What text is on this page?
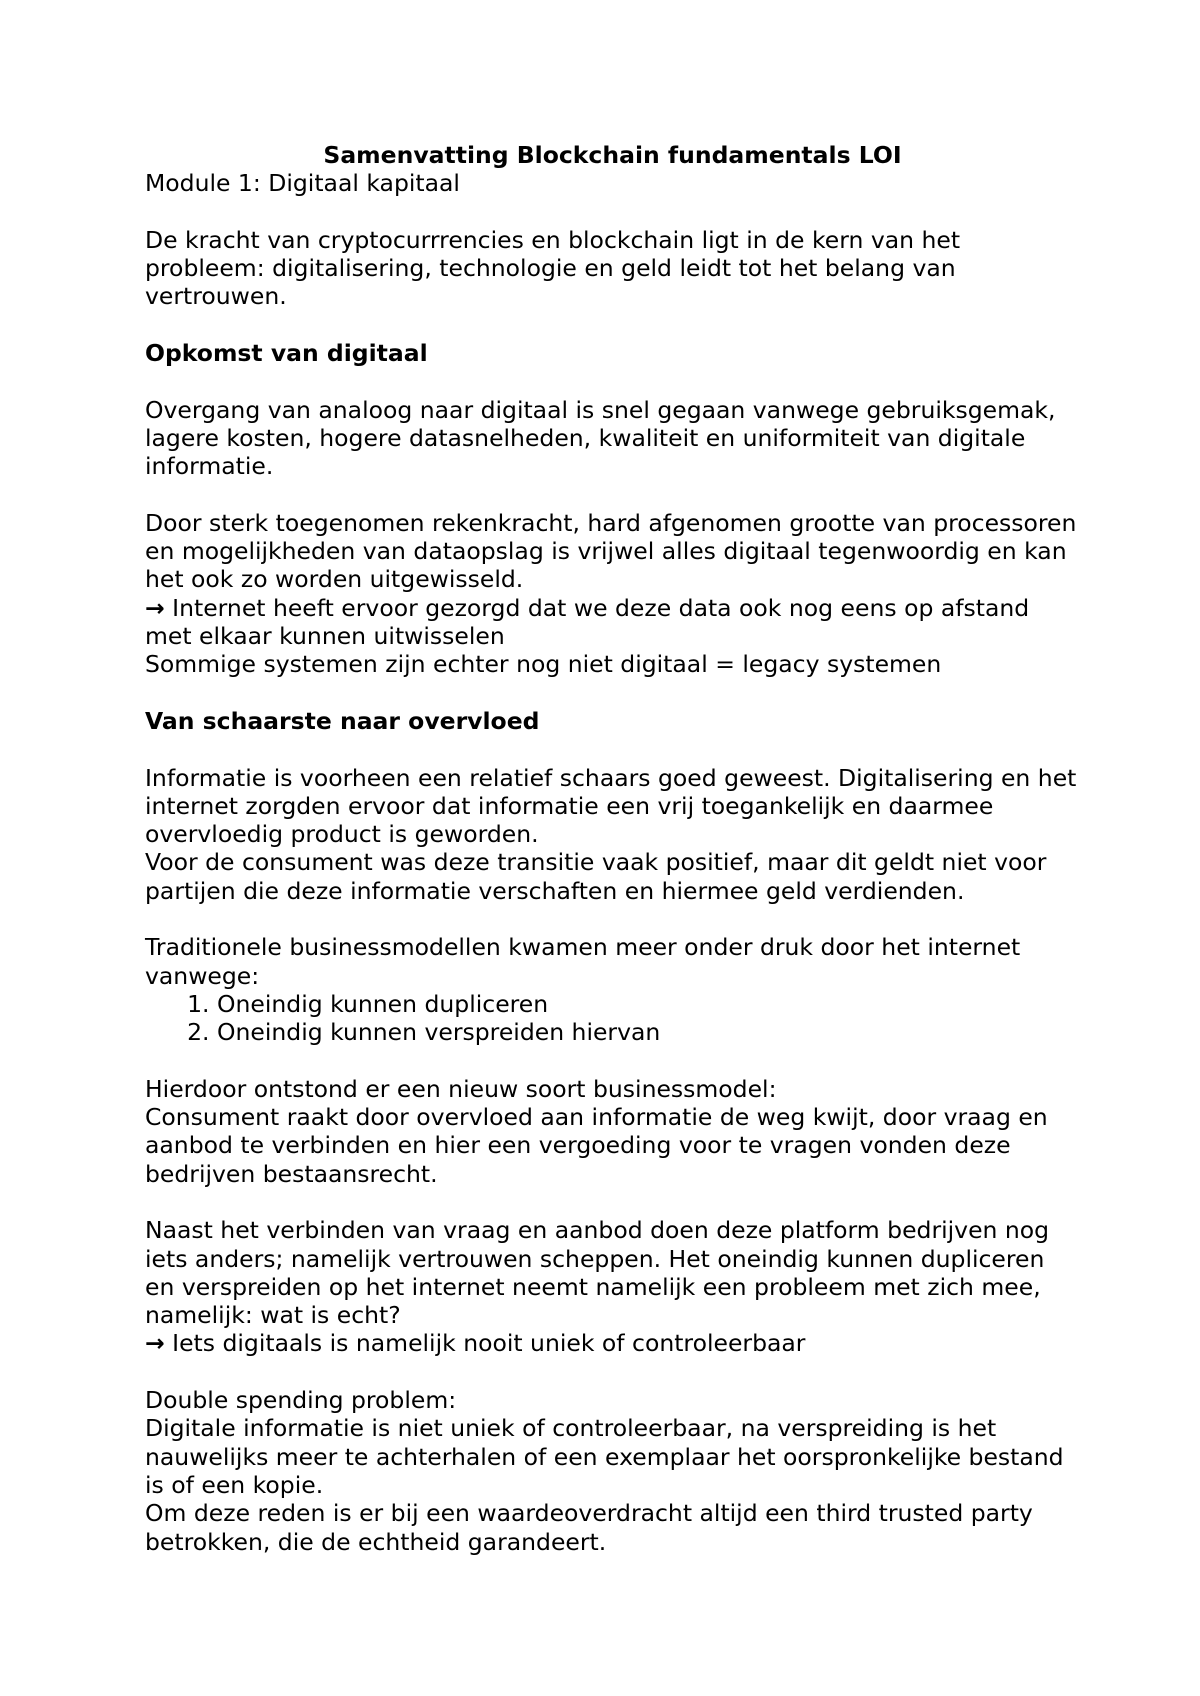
Samenvatting Blockchain fundamentals LOI

Module 1: Digitaal kapitaal

De kracht van cryptocurrrencies en blockchain ligt in de kern van het probleem: digitalisering, technologie en geld leidt tot het belang van vertrouwen.

Opkomst van digitaal

Overgang van analoog naar digitaal is snel gegaan vanwege gebruiksgemak, lagere kosten, hogere datasnelheden, kwaliteit en uniformiteit van digitale informatie.

Door sterk toegenomen rekenkracht, hard afgenomen grootte van processoren en mogelijkheden van dataopslag is vrijwel alles digitaal tegenwoordig en kan het ook zo worden uitgewisseld.

→ Internet heeft ervoor gezorgd dat we deze data ook nog eens op afstand met elkaar kunnen uitwisselen

Sommige systemen zijn echter nog niet digitaal = legacy systemen

Van schaarste naar overvloed

Informatie is voorheen een relatief schaars goed geweest. Digitalisering en het internet zorgden ervoor dat informatie een vrij toegankelijk en daarmee overvloedig product is geworden.

Voor de consument was deze transitie vaak positief, maar dit geldt niet voor partijen die deze informatie verschaften en hiermee geld verdienden.

Traditionele businessmodellen kwamen meer onder druk door het internet vanwege:

1. Oneindig kunnen dupliceren
2. Oneindig kunnen verspreiden hiervan

Hierdoor ontstond er een nieuw soort businessmodel:

Consument raakt door overvloed aan informatie de weg kwijt, door vraag en aanbod te verbinden en hier een vergoeding voor te vragen vonden deze bedrijven bestaansrecht.

Naast het verbinden van vraag en aanbod doen deze platform bedrijven nog iets anders; namelijk vertrouwen scheppen. Het oneindig kunnen dupliceren en verspreiden op het internet neemt namelijk een probleem met zich mee, namelijk: wat is echt?

→ Iets digitaals is namelijk nooit uniek of controleerbaar

Double spending problem:

Digitale informatie is niet uniek of controleerbaar, na verspreiding is het nauwelijks meer te achterhalen of een exemplaar het oorspronkelijke bestand is of een kopie.

Om deze reden is er bij een waardeoverdracht altijd een third trusted party betrokken, die de echtheid garandeert.
